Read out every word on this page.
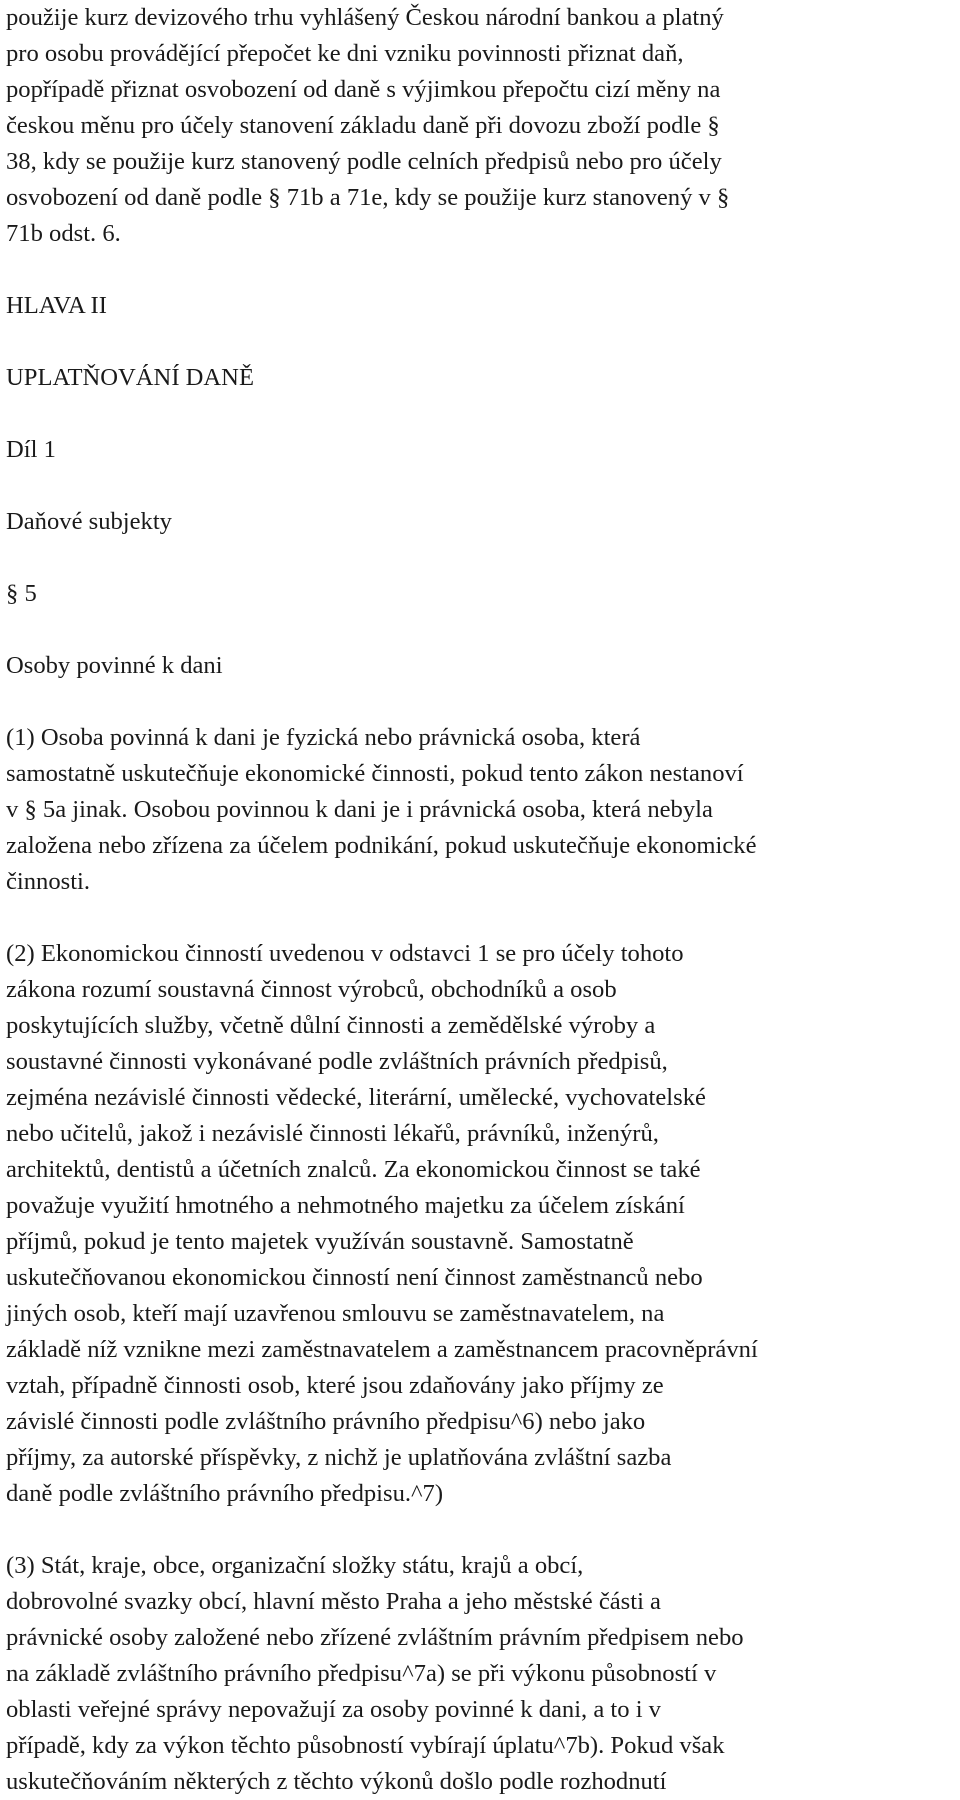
použije kurz devizového trhu vyhlášený Českou národní bankou a platný
pro osobu provádějící přepočet ke dni vzniku povinnosti přiznat daň,
popřípadě přiznat osvobození od daně s výjimkou přepočtu cizí měny na
českou měnu pro účely stanovení základu daně při dovozu zboží podle §
38, kdy se použije kurz stanovený podle celních předpisů nebo pro účely
osvobození od daně podle § 71b a 71e, kdy se použije kurz stanovený v §
71b odst. 6.
HLAVA II
UPLATŇOVÁNÍ DANĚ
Díl 1
Daňové subjekty
§ 5
Osoby povinné k dani
(1) Osoba povinná k dani je fyzická nebo právnická osoba, která
samostatně uskutečňuje ekonomické činnosti, pokud tento zákon nestanoví
v § 5a jinak. Osobou povinnou k dani je i právnická osoba, která nebyla
založena nebo zřízena za účelem podnikání, pokud uskutečňuje ekonomické
činnosti.
(2) Ekonomickou činností uvedenou v odstavci 1 se pro účely tohoto
zákona rozumí soustavná činnost výrobců, obchodníků a osob
poskytujících služby, včetně důlní činnosti a zemědělské výroby a
soustavné činnosti vykonávané podle zvláštních právních předpisů,
zejména nezávislé činnosti vědecké, literární, umělecké, vychovatelské
nebo učitelů, jakož i nezávislé činnosti lékařů, právníků, inženýrů,
architektů, dentistů a účetních znalců. Za ekonomickou činnost se také
považuje využití hmotného a nehmotného majetku za účelem získání
příjmů, pokud je tento majetek využíván soustavně. Samostatně
uskutečňovanou ekonomickou činností není činnost zaměstnanců nebo
jiných osob, kteří mají uzavřenou smlouvu se zaměstnavatelem, na
základě níž vznikne mezi zaměstnavatelem a zaměstnancem pracovněprávní
vztah, případně činnosti osob, které jsou zdaňovány jako příjmy ze
závislé činnosti podle zvláštního právního předpisu^6) nebo jako
příjmy, za autorské příspěvky, z nichž je uplatňována zvláštní sazba
daně podle zvláštního právního předpisu.^7)
(3) Stát, kraje, obce, organizační složky státu, krajů a obcí,
dobrovolné svazky obcí, hlavní město Praha a jeho městské části a
právnické osoby založené nebo zřízené zvláštním právním předpisem nebo
na základě zvláštního právního předpisu^7a) se při výkonu působností v
oblasti veřejné správy nepovažují za osoby povinné k dani, a to i v
případě, kdy za výkon těchto působností vybírají úplatu^7b). Pokud však
uskutečňováním některých z těchto výkonů došlo podle rozhodnutí
